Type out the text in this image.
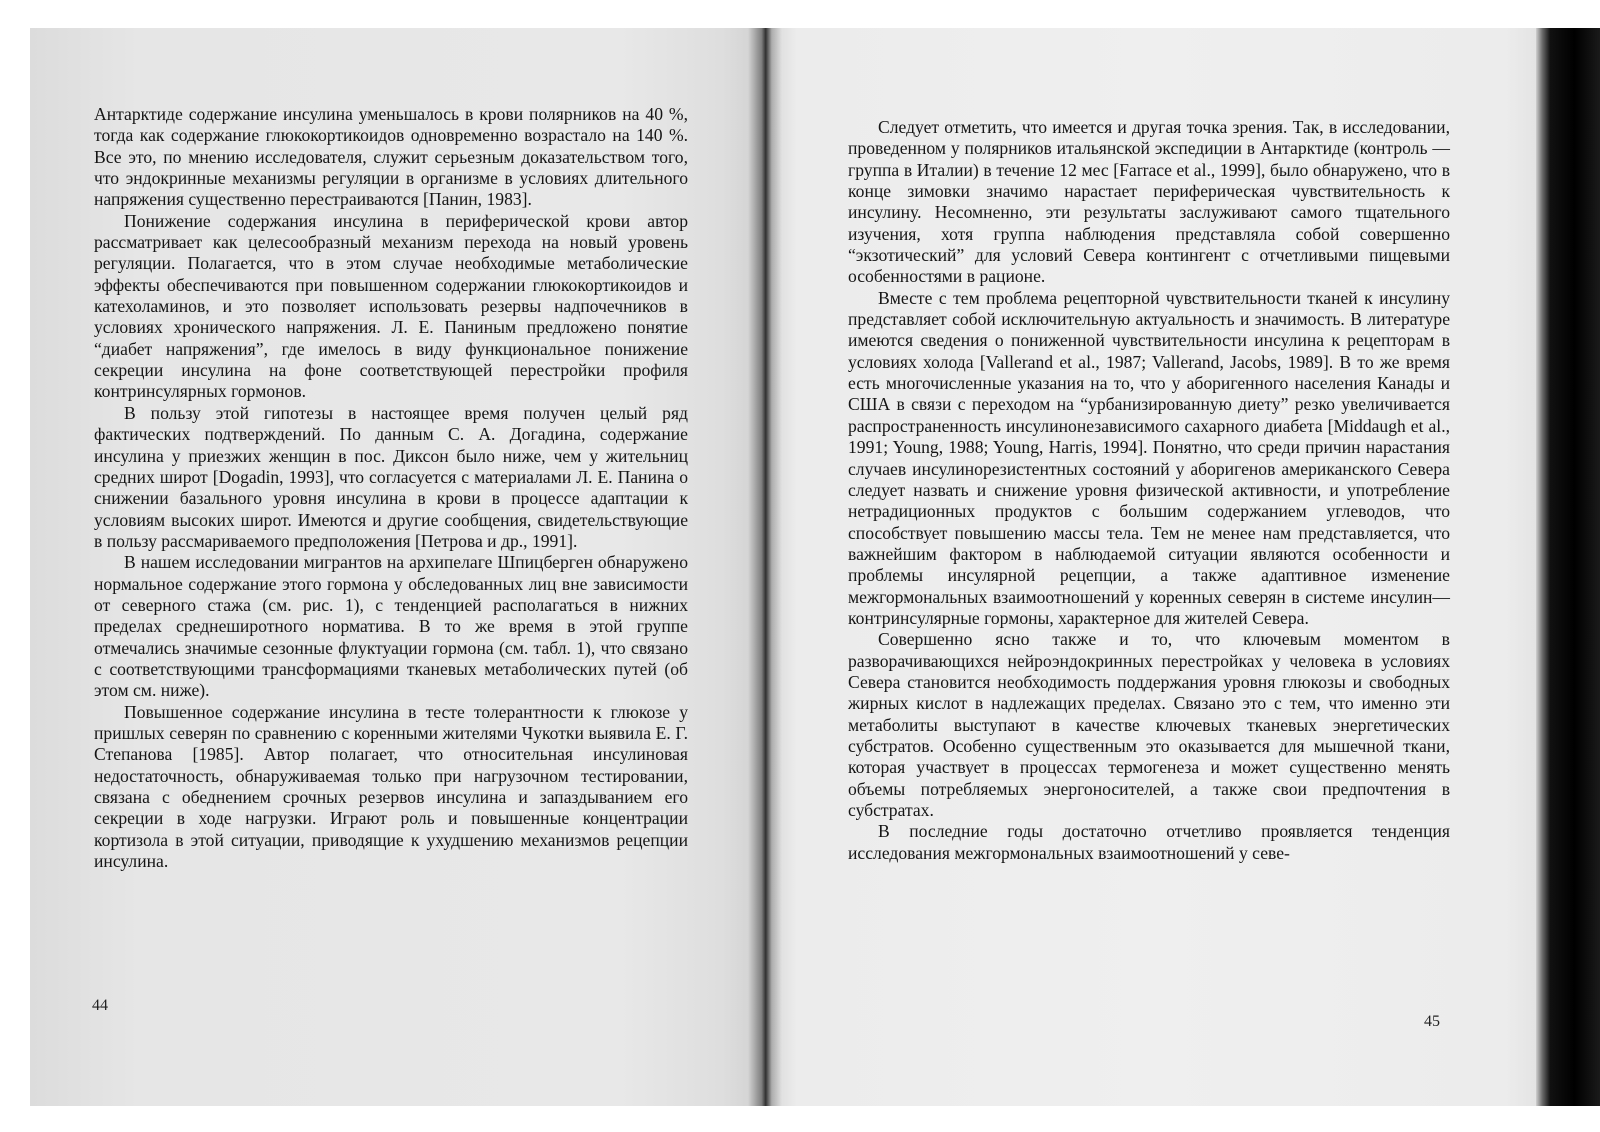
Антарктиде содержание инсулина уменьшалось в крови полярников на 40 %, тогда как содержание глюкокортикоидов одновременно возрастало на 140 %. Все это, по мнению исследователя, служит серьезным доказательством того, что эндокринные механизмы регуляции в организме в условиях длительного напряжения существенно перестраиваются [Панин, 1983].

Понижение содержания инсулина в периферической крови автор рассматривает как целесообразный механизм перехода на новый уровень регуляции. Полагается, что в этом случае необходимые метаболические эффекты обеспечиваются при повышенном содержании глюкокортикоидов и катехоламинов, и это позволяет использовать резервы надпочечников в условиях хронического напряжения. Л. Е. Паниным предложено понятие “диабет напряжения”, где имелось в виду функциональное понижение секреции инсулина на фоне соответствующей перестройки профиля контринсулярных гормонов.

В пользу этой гипотезы в настоящее время получен целый ряд фактических подтверждений. По данным С. А. Догадина, содержание инсулина у приезжих женщин в пос. Диксон было ниже, чем у жительниц средних широт [Dogadin, 1993], что согласуется с материалами Л. Е. Панина о снижении базального уровня инсулина в крови в процессе адаптации к условиям высоких широт. Имеются и другие сообщения, свидетельствующие в пользу рассмариваемого предположения [Петрова и др., 1991].

В нашем исследовании мигрантов на архипелаге Шпицберген обнаружено нормальное содержание этого гормона у обследованных лиц вне зависимости от северного стажа (см. рис. 1), с тенденцией располагаться в нижних пределах среднеширотного норматива. В то же время в этой группе отмечались значимые сезонные флуктуации гормона (см. табл. 1), что связано с соответствующими трансформациями тканевых метаболических путей (об этом см. ниже).

Повышенное содержание инсулина в тесте толерантности к глюкозе у пришлых северян по сравнению с коренными жителями Чукотки выявила Е. Г. Степанова [1985]. Автор полагает, что относительная инсулиновая недостаточность, обнаруживаемая только при нагрузочном тестировании, связана с обеднением срочных резервов инсулина и запаздыванием его секреции в ходе нагрузки. Играют роль и повышенные концентрации кортизола в этой ситуации, приводящие к ухудшению механизмов рецепции инсулина.

44

Следует отметить, что имеется и другая точка зрения. Так, в исследовании, проведенном у полярников итальянской экспедиции в Антарктиде (контроль — группа в Италии) в течение 12 мес [Farrace et al., 1999], было обнаружено, что в конце зимовки значимо нарастает периферическая чувствительность к инсулину. Несомненно, эти результаты заслуживают самого тщательного изучения, хотя группа наблюдения представляла собой совершенно “экзотический” для условий Севера контингент с отчетливыми пищевыми особенностями в рационе.

Вместе с тем проблема рецепторной чувствительности тканей к инсулину представляет собой исключительную актуальность и значимость. В литературе имеются сведения о пониженной чувствительности инсулина к рецепторам в условиях холода [Vallerand et al., 1987; Vallerand, Jacobs, 1989]. В то же время есть многочисленные указания на то, что у аборигенного населения Канады и США в связи с переходом на “урбанизированную диету” резко увеличивается распространенность инсулинонезависимого сахарного диабета [Middaugh et al., 1991; Young, 1988; Young, Harris, 1994]. Понятно, что среди причин нарастания случаев инсулинорезистентных состояний у аборигенов американского Севера следует назвать и снижение уровня физической активности, и употребление нетрадиционных продуктов с большим содержанием углеводов, что способствует повышению массы тела. Тем не менее нам представляется, что важнейшим фактором в наблюдаемой ситуации являются особенности и проблемы инсулярной рецепции, а также адаптивное изменение межгормональных взаимоотношений у коренных северян в системе инсулин—контринсулярные гормоны, характерное для жителей Севера.

Совершенно ясно также и то, что ключевым моментом в разворачивающихся нейроэндокринных перестройках у человека в условиях Севера становится необходимость поддержания уровня глюкозы и свободных жирных кислот в надлежащих пределах. Связано это с тем, что именно эти метаболиты выступают в качестве ключевых тканевых энергетических субстратов. Особенно существенным это оказывается для мышечной ткани, которая участвует в процессах термогенеза и может существенно менять объемы потребляемых энергоносителей, а также свои предпочтения в субстратах.

В последние годы достаточно отчетливо проявляется тенденция исследования межгормональных взаимоотношений у севе-

45
